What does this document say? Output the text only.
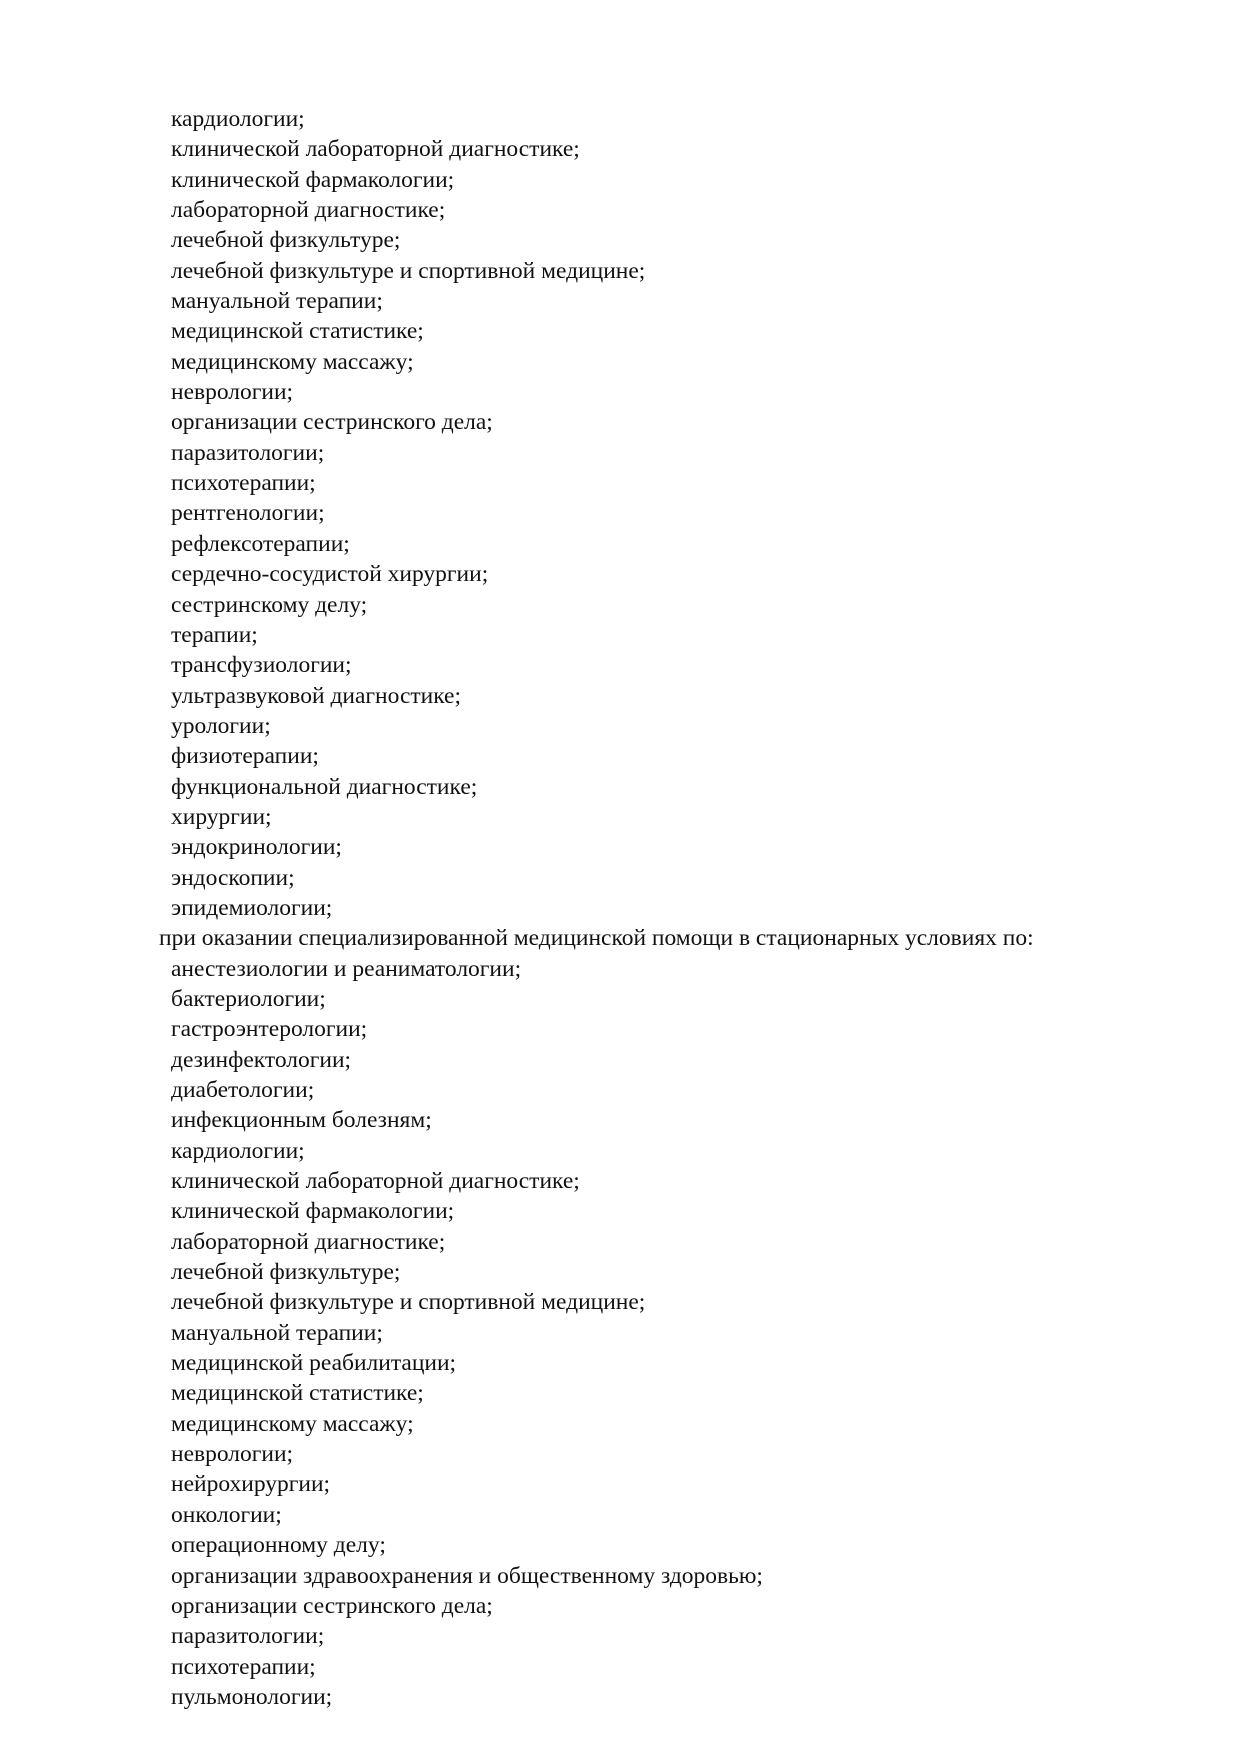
кардиологии;
клинической лабораторной диагностике;
клинической фармакологии;
лабораторной диагностике;
лечебной физкультуре;
лечебной физкультуре и спортивной медицине;
мануальной терапии;
медицинской статистике;
медицинскому массажу;
неврологии;
организации сестринского дела;
паразитологии;
психотерапии;
рентгенологии;
рефлексотерапии;
сердечно-сосудистой хирургии;
сестринскому делу;
терапии;
трансфузиологии;
ультразвуковой диагностике;
урологии;
физиотерапии;
функциональной диагностике;
хирургии;
эндокринологии;
эндоскопии;
эпидемиологии;
при оказании специализированной медицинской помощи в стационарных условиях по:
анестезиологии и реаниматологии;
бактериологии;
гастроэнтерологии;
дезинфектологии;
диабетологии;
инфекционным болезням;
кардиологии;
клинической лабораторной диагностике;
клинической фармакологии;
лабораторной диагностике;
лечебной физкультуре;
лечебной физкультуре и спортивной медицине;
мануальной терапии;
медицинской реабилитации;
медицинской статистике;
медицинскому массажу;
неврологии;
нейрохирургии;
онкологии;
операционному делу;
организации здравоохранения и общественному здоровью;
организации сестринского дела;
паразитологии;
психотерапии;
пульмонологии;
